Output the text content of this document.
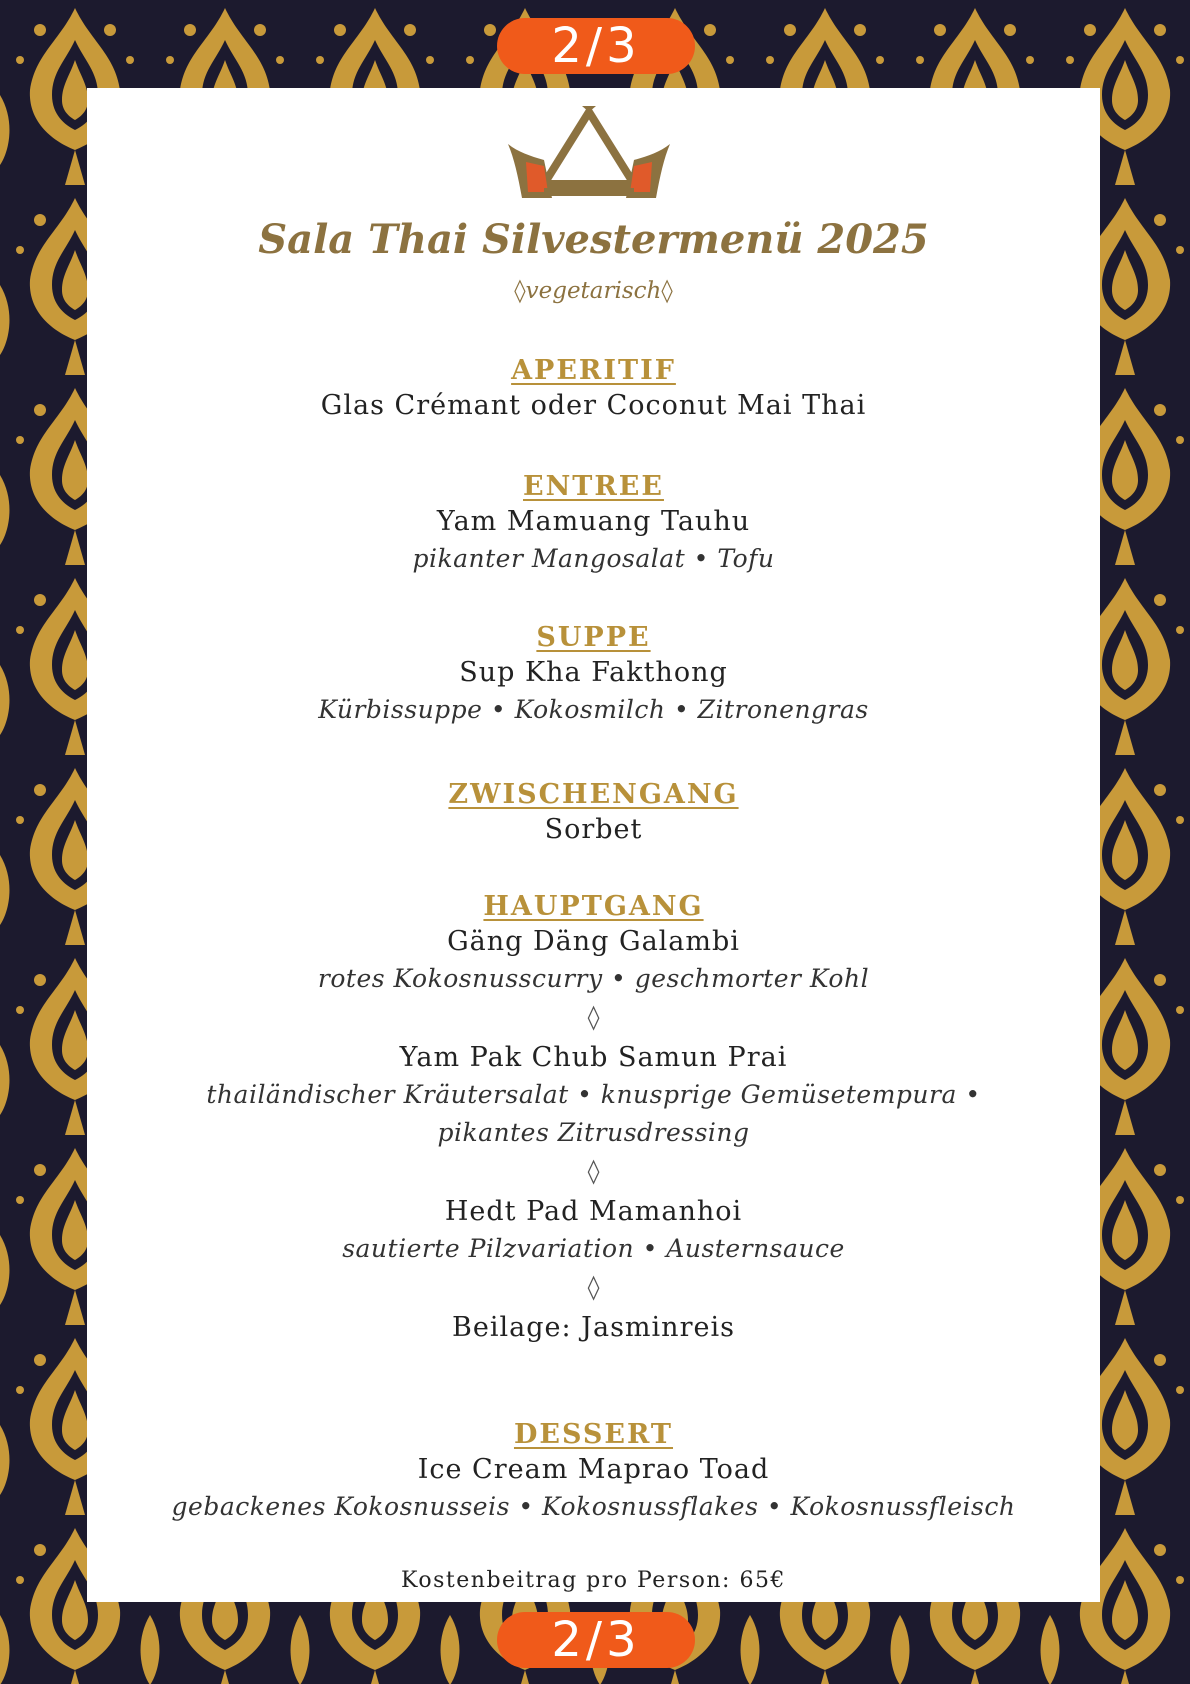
2/3
Sala Thai Silvestermenü 2025
◊vegetarisch◊
APERITIF
Glas Crémant oder Coconut Mai Thai
ENTREE
Yam Mamuang Tauhu
pikanter Mangosalat • Tofu
SUPPE
Sup Kha Fakthong
Kürbissuppe • Kokosmilch • Zitronengras
ZWISCHENGANG
Sorbet
HAUPTGANG
Gäng Däng Galambi
rotes Kokosnusscurry • geschmorter Kohl
◊
Yam Pak Chub Samun Prai
thailändischer Kräutersalat • knusprige Gemüsetempura • pikantes Zitrusdressing
◊
Hedt Pad Mamanhoi
sautierte Pilzvariation • Austernsauce
◊
Beilage: Jasminreis
DESSERT
Ice Cream Maprao Toad
gebackenes Kokosnusseis • Kokosnussflakes • Kokosnussfleisch
Kostenbeitrag pro Person: 65€
2/3
